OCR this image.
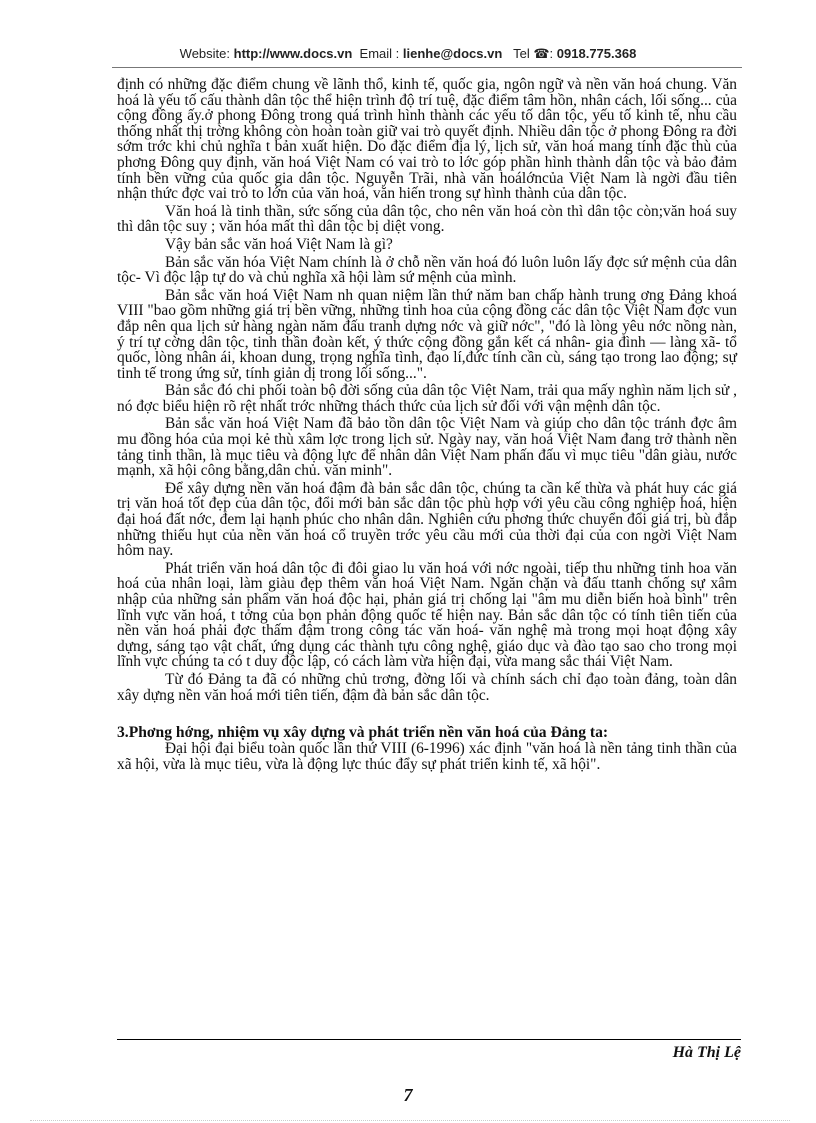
Website: http://www.docs.vn Email : lienhe@docs.vn Tel ☎: 0918.775.368

định có những đặc điểm chung về lãnh thổ, kinh tế, quốc gia, ngôn ngữ và nền văn hoá chung. Văn hoá là yếu tố cấu thành dân tộc thể hiện trình độ trí tuệ, đặc điểm tâm hồn, nhân cách, lối sống... của cộng đồng ấy.ở phong Đông trong quá trình hình thành các yếu tố dân tộc, yếu tố kinh tế, nhu cầu thống nhất thị trờng không còn hoàn toàn giữ vai trò quyết định. Nhiều dân tộc ở phong Đông ra đời sớm trớc khi chủ nghĩa t bản xuất hiện. Do đặc điểm địa lý, lịch sử, văn hoá mang tính đặc thù của phơng Đông quy định, văn hoá Việt Nam có vai trò to lớc góp phần hình thành dân tộc và bảo đảm tính bền vững của quốc gia dân tộc. Nguyễn Trãi, nhà văn hoálớncủa Việt Nam là ngời đầu tiên nhận thức đợc vai trò to lớn của văn hoá, văn hiến trong sự hình thành của dân tộc.

Văn hoá là tinh thần, sức sống của dân tộc, cho nên văn hoá còn thì dân tộc còn;văn hoá suy thì dân tộc suy ; văn hóa mất thì dân tộc bị diệt vong.

Vậy bản sắc văn hoá Việt Nam là gì?

Bản sắc văn hóa Việt Nam chính là ở chỗ nền văn hoá đó luôn luôn lấy đợc sứ mệnh của dân tộc- Vì độc lập tự do và chủ nghĩa xã hội làm sứ mệnh của mình.

Bản sắc văn hoá Việt Nam nh quan niệm lần thứ năm ban chấp hành trung ơng Đảng khoá VIII "bao gồm những giá trị bền vững, những tinh hoa của cộng đồng các dân tộc Việt Nam đợc vun đắp nên qua lịch sử hàng ngàn năm đấu tranh dựng nớc và giữ nớc", "đó là lòng yêu nớc nồng nàn, ý trí tự cờng dân tộc, tinh thần đoàn kết, ý thức cộng đồng gắn kết cá nhân- gia đình — làng xã- tổ quốc, lòng nhân ái, khoan dung, trọng nghĩa tình, đạo lí,đức tính cần cù, sáng tạo trong lao động; sự tinh tế trong ứng sử, tính giản dị trong lối sống...".

Bản sắc đó chi phối toàn bộ đời sống của dân tộc Việt Nam, trải qua mấy nghìn năm lịch sử , nó đợc biểu hiện rõ rệt nhất trớc những thách thức của lịch sử đối với vận mệnh dân tộc.

Bản sắc văn hoá Việt Nam đã bảo tồn dân tộc Việt Nam và giúp cho dân tộc tránh đợc âm mu đồng hóa của mọi kẻ thù xâm lợc trong lịch sử. Ngày nay, văn hoá Việt Nam đang trở thành nền tảng tinh thần, là mục tiêu và động lực để nhân dân Việt Nam phấn đấu vì mục tiêu "dân giàu, nước mạnh, xã hội công bằng,dân chủ. văn minh".

Để xây dựng nền văn hoá đậm đà bản sắc dân tộc, chúng ta cần kế thừa và phát huy các giá trị văn hoá tốt đẹp của dân tộc, đổi mới bản sắc dân tộc phù hợp với yêu cầu công nghiệp hoá, hiện đại hoá đất nớc, đem lại hạnh phúc cho nhân dân. Nghiên cứu phơng thức chuyển đổi giá trị, bù đắp những thiếu hụt của nền văn hoá cổ truyền trớc yêu cầu mới của thời đại của con ngời Việt Nam hôm nay.

Phát triển văn hoá dân tộc đi đôi giao lu văn hoá với nớc ngoài, tiếp thu những tinh hoa văn hoá của nhân loại, làm giàu đẹp thêm văn hoá Việt Nam. Ngăn chặn và đấu ttanh chống sự xâm nhập của những sản phẩm văn hoá độc hại, phản giá trị chống lại "âm mu diễn biến hoà bình" trên lĩnh vực văn hoá, t tởng của bọn phản động quốc tế hiện nay. Bản sắc dân tộc có tính tiên tiến của nền văn hoá phải đợc thấm đậm trong công tác văn hoá- văn nghệ mà trong mọi hoạt động xây dựng, sáng tạo vật chất, ứng dụng các thành tựu công nghệ, giáo dục và đào tạo sao cho trong mọi lĩnh vực chúng ta có t duy độc lập, có cách làm vừa hiện đại, vừa mang sắc thái Việt Nam.

Từ đó Đảng ta đã có những chủ trơng, đờng lối và chính sách chỉ đạo toàn đảng, toàn dân xây dựng nền văn hoá mới tiên tiến, đậm đà bản sắc dân tộc.

3.Phơng hớng, nhiệm vụ xây dựng và phát triển nền văn hoá của Đảng ta:

Đại hội đại biểu toàn quốc lần thứ VIII (6-1996) xác định "văn hoá là nền tảng tinh thần của xã hội, vừa là mục tiêu, vừa là động lực thúc đẩy sự phát triển kinh tế, xã hội".

Hà Thị Lệ
7
